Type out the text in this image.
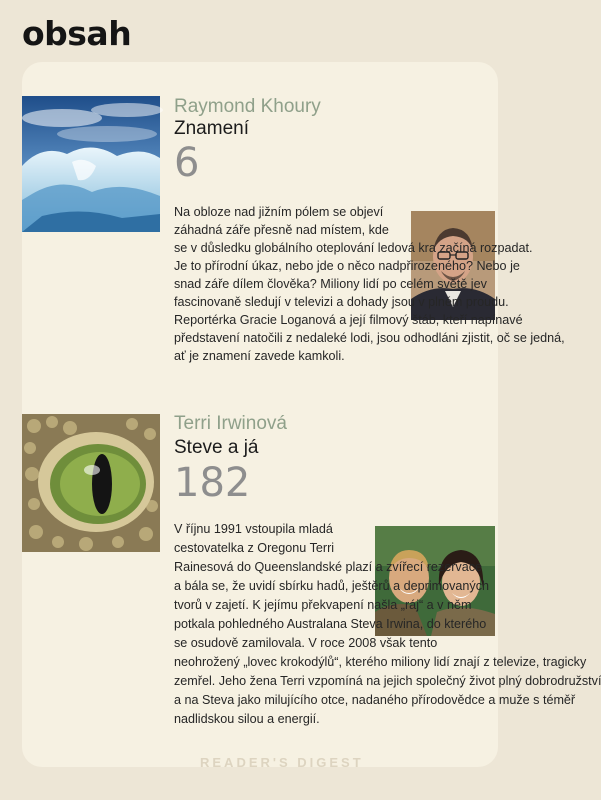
obsah
READER'S DIGEST
Raymond Khoury
Znamení
6
Na obloze nad jižním pólem se objeví
záhadná záře přesně nad místem, kde
se v důsledku globálního oteplování ledová kra začíná rozpadat.
Je to přírodní úkaz, nebo jde o něco nadpřirozeného? Nebo je
snad záře dílem člověka? Miliony lidí po celém světě jev
fascinovaně sledují v televizi a dohady jsou v plném proudu.
Reportérka Gracie Loganová a její filmový štáb, kteří napínavé
představení natočili z nedaleké lodi, jsou odhodláni zjistit, oč se jedná,
ať je znamení zavede kamkoli.
Terri Irwinová
Steve a já
182
V říjnu 1991 vstoupila mladá
cestovatelka z Oregonu Terri
Rainesová do Queenslandské plazí a zvířecí rezervace
a bála se, že uvidí sbírku hadů, ještěrů a deprimovaných
tvorů v zajetí. K jejímu překvapení našla „ráj“ a v něm
potkala pohledného Australana Steva Irwina, do kterého
se osudově zamilovala. V roce 2008 však tento
neohrožený „lovec krokodýlů“, kterého miliony lidí znají z televize, tragicky
zemřel. Jeho žena Terri vzpomíná na jejich společný život plný dobrodružství
a na Steva jako milujícího otce, nadaného přírodovědce a muže s téměř
nadlidskou silou a energií.
